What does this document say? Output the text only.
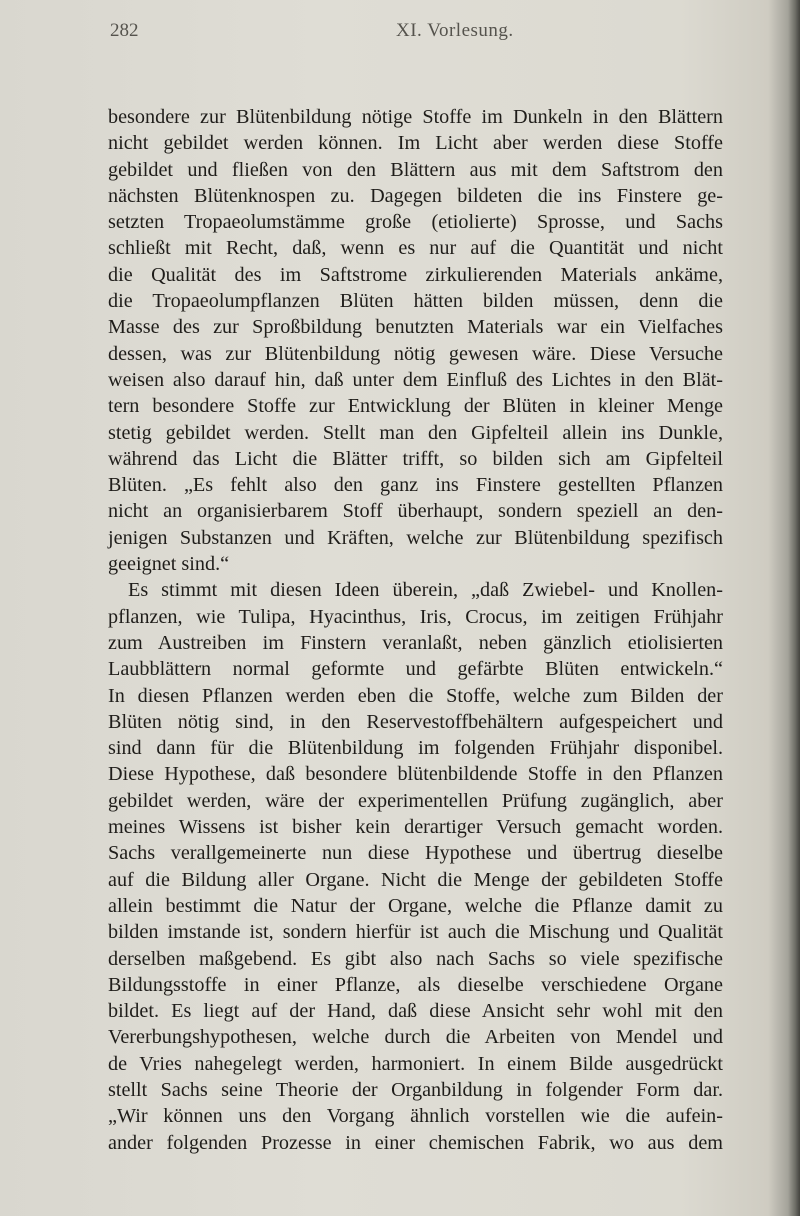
282	XI. Vorlesung.
besondere zur Blütenbildung nötige Stoffe im Dunkeln in den Blättern
nicht gebildet werden können. Im Licht aber werden diese Stoffe
gebildet und fließen von den Blättern aus mit dem Saftstrom den
nächsten Blütenknospen zu. Dagegen bildeten die ins Finstere ge-
setzten Tropaeolumstämme große (etiolierte) Sprosse, und Sachs
schließt mit Recht, daß, wenn es nur auf die Quantität und nicht
die Qualität des im Saftstrome zirkulierenden Materials ankäme,
die Tropaeolumpflanzen Blüten hätten bilden müssen, denn die
Masse des zur Sproßbildung benutzten Materials war ein Vielfaches
dessen, was zur Blütenbildung nötig gewesen wäre. Diese Versuche
weisen also darauf hin, daß unter dem Einfluß des Lichtes in den Blät-
tern besondere Stoffe zur Entwicklung der Blüten in kleiner Menge
stetig gebildet werden. Stellt man den Gipfelteil allein ins Dunkle,
während das Licht die Blätter trifft, so bilden sich am Gipfelteil
Blüten. „Es fehlt also den ganz ins Finstere gestellten Pflanzen
nicht an organisierbarem Stoff überhaupt, sondern speziell an den-
jenigen Substanzen und Kräften, welche zur Blütenbildung spezifisch
geeignet sind.“
Es stimmt mit diesen Ideen überein, „daß Zwiebel- und Knollen-
pflanzen, wie Tulipa, Hyacinthus, Iris, Crocus, im zeitigen Frühjahr
zum Austreiben im Finstern veranlaßt, neben gänzlich etiolisierten
Laubblättern normal geformte und gefärbte Blüten entwickeln.“
In diesen Pflanzen werden eben die Stoffe, welche zum Bilden der
Blüten nötig sind, in den Reservestoffbehältern aufgespeichert und
sind dann für die Blütenbildung im folgenden Frühjahr disponibel.
Diese Hypothese, daß besondere blütenbildende Stoffe in den Pflanzen
gebildet werden, wäre der experimentellen Prüfung zugänglich, aber
meines Wissens ist bisher kein derartiger Versuch gemacht worden.
Sachs verallgemeinerte nun diese Hypothese und übertrug dieselbe
auf die Bildung aller Organe. Nicht die Menge der gebildeten Stoffe
allein bestimmt die Natur der Organe, welche die Pflanze damit zu
bilden imstande ist, sondern hierfür ist auch die Mischung und Qualität
derselben maßgebend. Es gibt also nach Sachs so viele spezifische
Bildungsstoffe in einer Pflanze, als dieselbe verschiedene Organe
bildet. Es liegt auf der Hand, daß diese Ansicht sehr wohl mit den
Vererbungshypothesen, welche durch die Arbeiten von Mendel und
de Vries nahegelegt werden, harmoniert. In einem Bilde ausgedrückt
stellt Sachs seine Theorie der Organbildung in folgender Form dar.
„Wir können uns den Vorgang ähnlich vorstellen wie die aufein-
ander folgenden Prozesse in einer chemischen Fabrik, wo aus dem
